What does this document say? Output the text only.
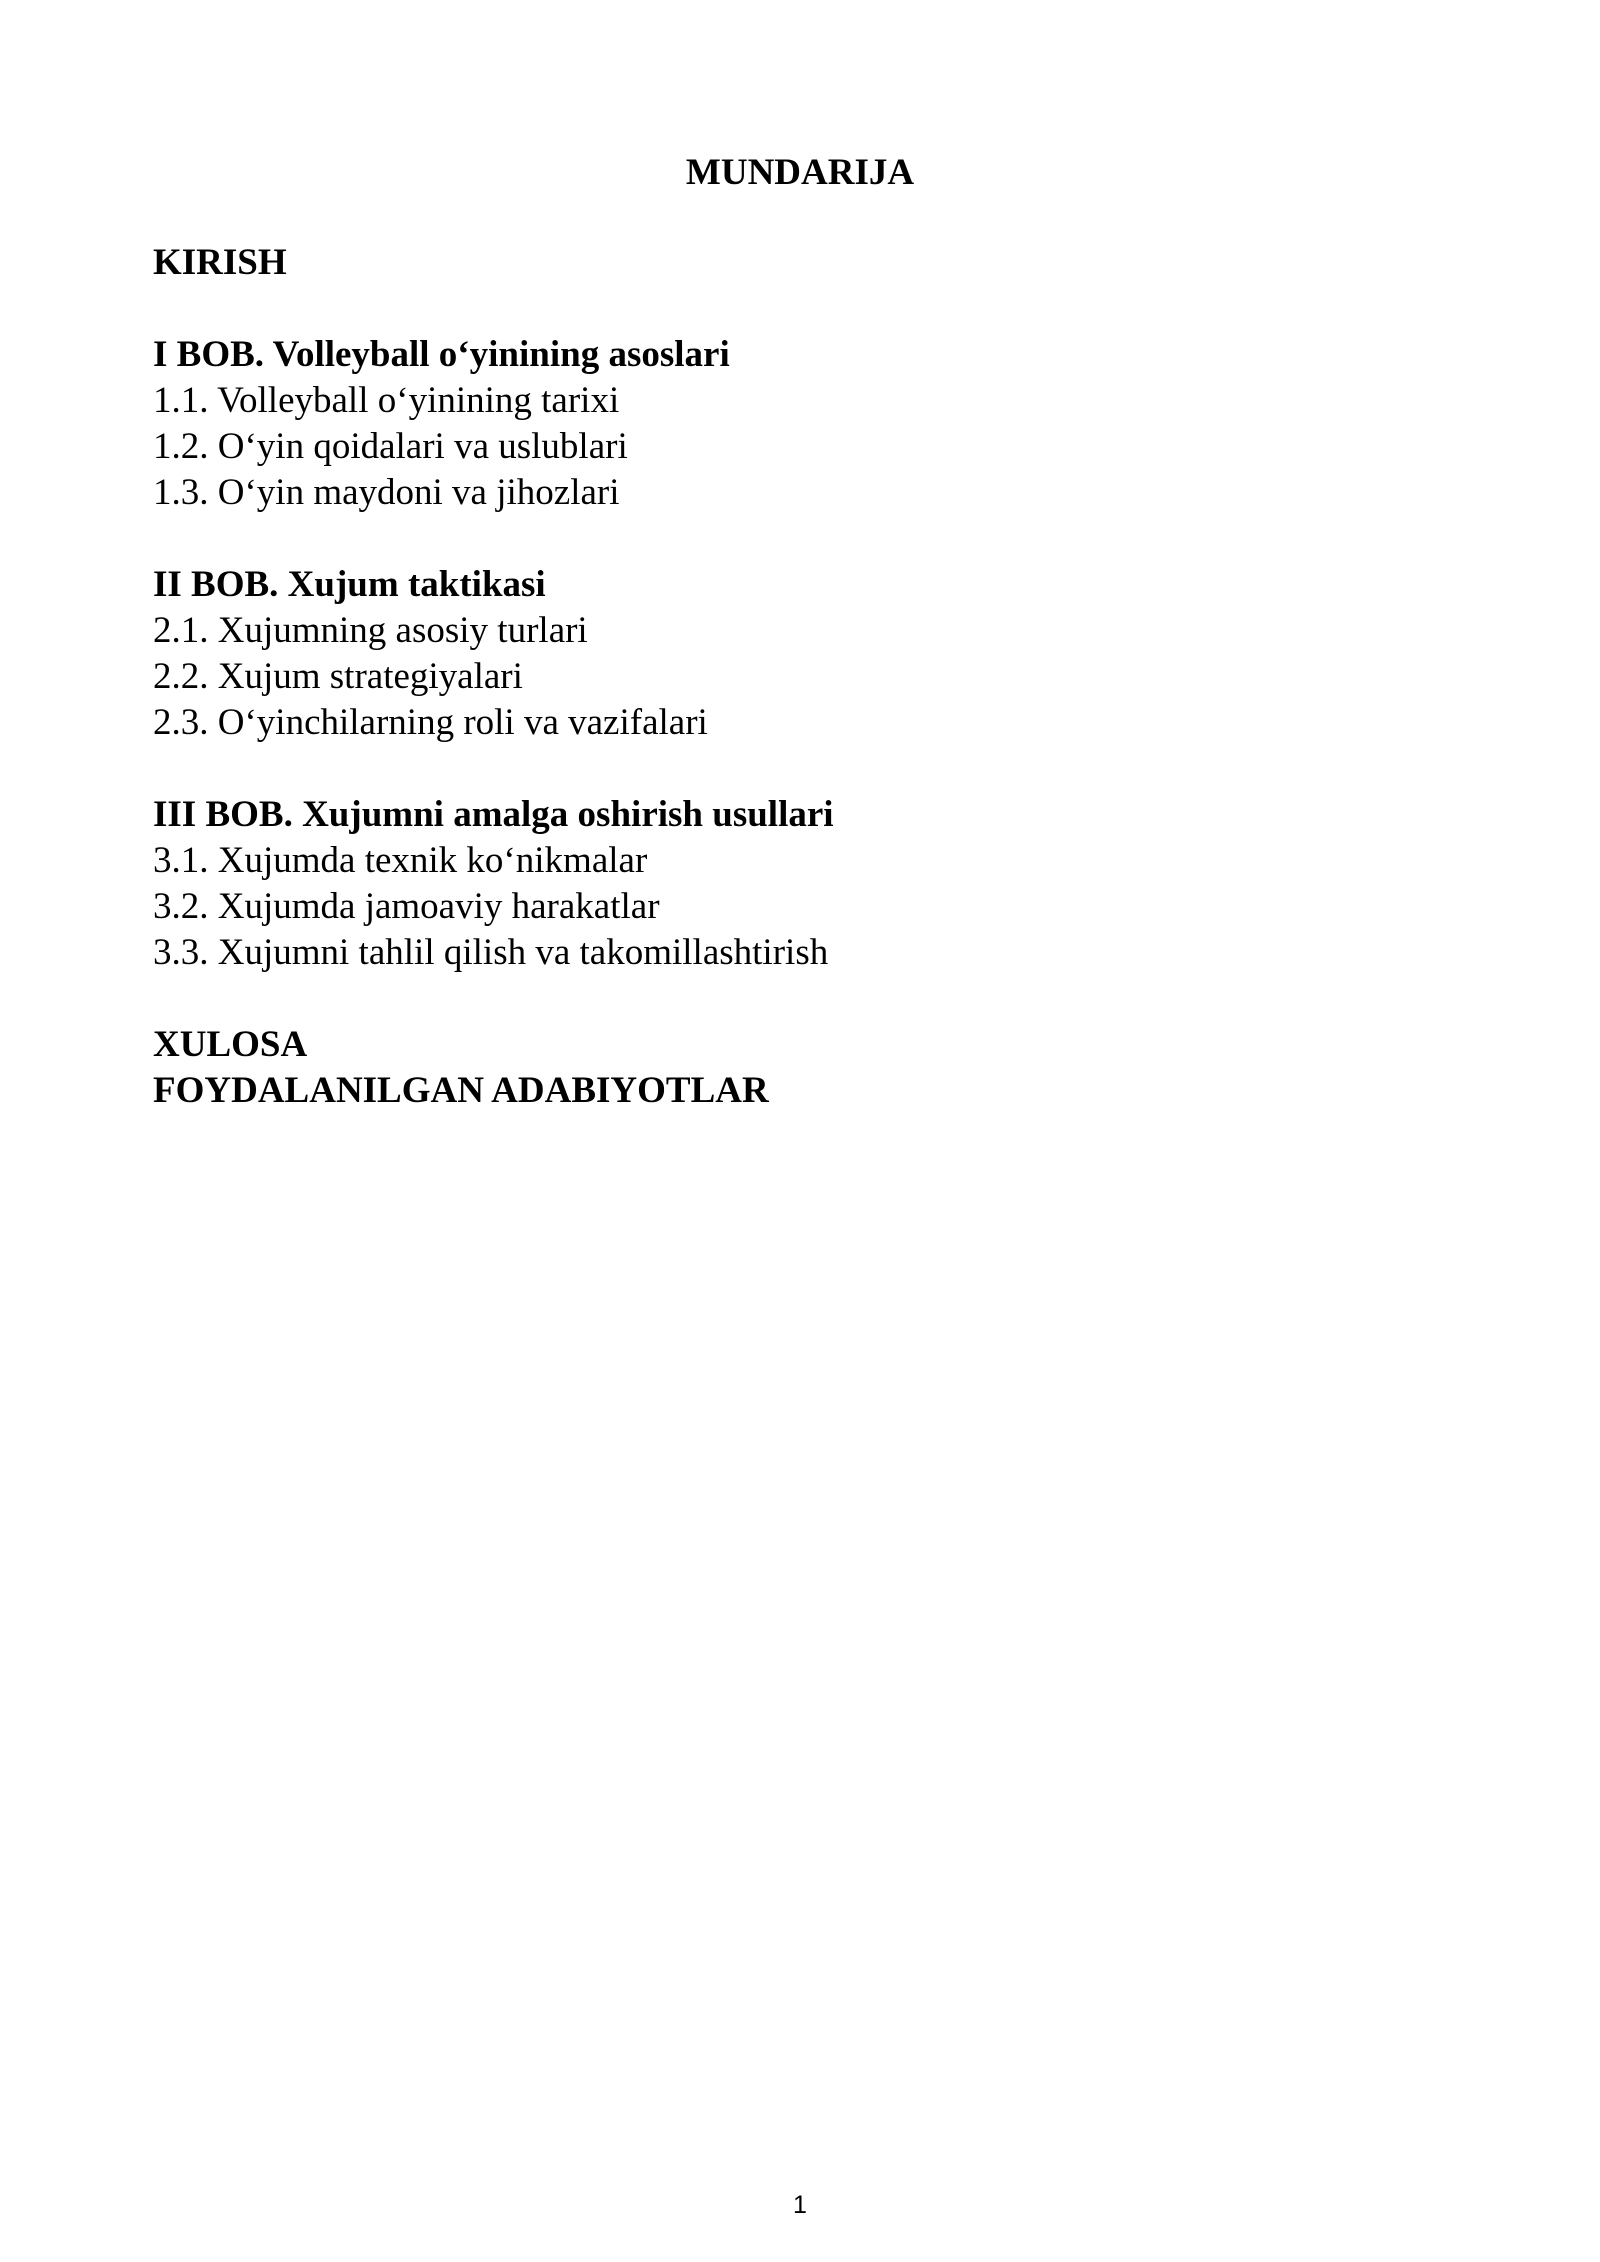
MUNDARIJA
KIRISH
I BOB. Volleyball o‘yinining asoslari
1.1. Volleyball o‘yinining tarixi
1.2. O‘yin qoidalari va uslublari
1.3. O‘yin maydoni va jihozlari
II BOB. Xujum taktikasi
2.1. Xujumning asosiy turlari
2.2. Xujum strategiyalari
2.3. O‘yinchilarning roli va vazifalari
III BOB. Xujumni amalga oshirish usullari
3.1. Xujumda texnik ko‘nikmalar
3.2. Xujumda jamoaviy harakatlar
3.3. Xujumni tahlil qilish va takomillashtirish
XULOSA
FOYDALANILGAN ADABIYOTLAR
1
